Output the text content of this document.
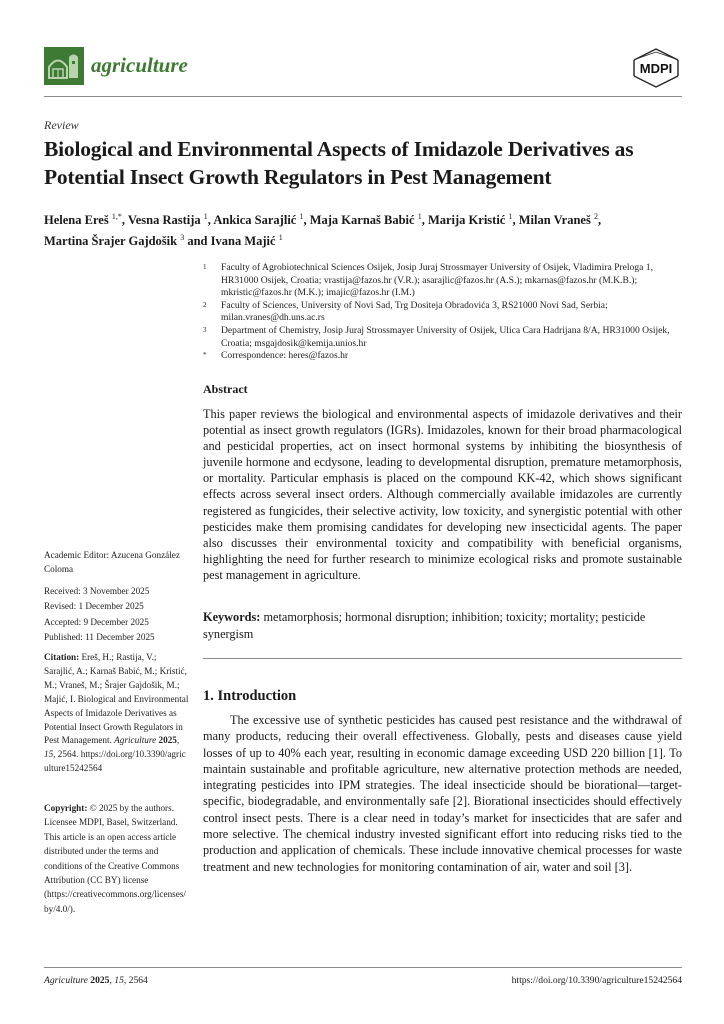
agriculture	MDPI
Review
Biological and Environmental Aspects of Imidazole Derivatives as Potential Insect Growth Regulators in Pest Management
Helena Ereš $^{1,*}$, Vesna Rastija $^1$, Ankica Sarajlić $^1$, Maja Karnaš Babić $^1$, Marija Kristić $^1$, Milan Vraneš $^2$,
Martina Šrajer Gajdošik $^3$ and Ivana Majić $^1$
1 Faculty of Agrobiotechnical Sciences Osijek, Josip Juraj Strossmayer University of Osijek, Vladimira Preloga 1, HR31000 Osijek, Croatia; vrastija@fazos.hr (V.R.); asarajlic@fazos.hr (A.S.); mkarnas@fazos.hr (M.K.B.); mkristic@fazos.hr (M.K.); imajic@fazos.hr (I.M.)
2 Faculty of Sciences, University of Novi Sad, Trg Dositeja Obradovića 3, RS21000 Novi Sad, Serbia; milan.vranes@dh.uns.ac.rs
3 Department of Chemistry, Josip Juraj Strossmayer University of Osijek, Ulica Cara Hadrijana 8/A, HR31000 Osijek, Croatia; msgajdosik@kemija.unios.hr
* Correspondence: heres@fazos.hr
Abstract
This paper reviews the biological and environmental aspects of imidazole derivatives and their potential as insect growth regulators (IGRs). Imidazoles, known for their broad pharmacological and pesticidal properties, act on insect hormonal systems by inhibiting the biosynthesis of juvenile hormone and ecdysone, leading to developmental disruption, premature metamorphosis, or mortality. Particular emphasis is placed on the compound KK-42, which shows significant effects across several insect orders. Although commercially available imidazoles are currently registered as fungicides, their selective activity, low toxicity, and synergistic potential with other pesticides make them promising candidates for developing new insecticidal agents. The paper also discusses their environmental toxicity and compatibility with beneficial organisms, highlighting the need for further research to minimize ecological risks and promote sustainable pest management in agriculture.
Keywords: metamorphosis; hormonal disruption; inhibition; toxicity; mortality; pesticide synergism
1. Introduction
The excessive use of synthetic pesticides has caused pest resistance and the withdrawal of many products, reducing their overall effectiveness. Globally, pests and diseases cause yield losses of up to 40% each year, resulting in economic damage exceeding USD 220 billion [1]. To maintain sustainable and profitable agriculture, new alternative protection methods are needed, integrating pesticides into IPM strategies. The ideal insecticide should be biorational—target-specific, biodegradable, and environmentally safe [2]. Biorational insecticides should effectively control insect pests. There is a clear need in today’s market for insecticides that are safer and more selective. The chemical industry invested significant effort into reducing risks tied to the production and application of chemicals. These include innovative chemical processes for waste treatment and new technologies for monitoring contamination of air, water and soil [3].
Academic Editor: Azucena González Coloma
Received: 3 November 2025
Revised: 1 December 2025
Accepted: 9 December 2025
Published: 11 December 2025
Citation: Ereš, H.; Rastija, V.; Sarajlić, A.; Karnaš Babić, M.; Kristić, M.; Vraneš, M.; Šrajer Gajdošik, M.; Majić, I. Biological and Environmental Aspects of Imidazole Derivatives as Potential Insect Growth Regulators in Pest Management. Agriculture 2025, 15, 2564. https://doi.org/10.3390/agriculture15242564
Copyright: © 2025 by the authors. Licensee MDPI, Basel, Switzerland. This article is an open access article distributed under the terms and conditions of the Creative Commons Attribution (CC BY) license (https://creativecommons.org/licenses/by/4.0/).
Agriculture 2025, 15, 2564	https://doi.org/10.3390/agriculture15242564
